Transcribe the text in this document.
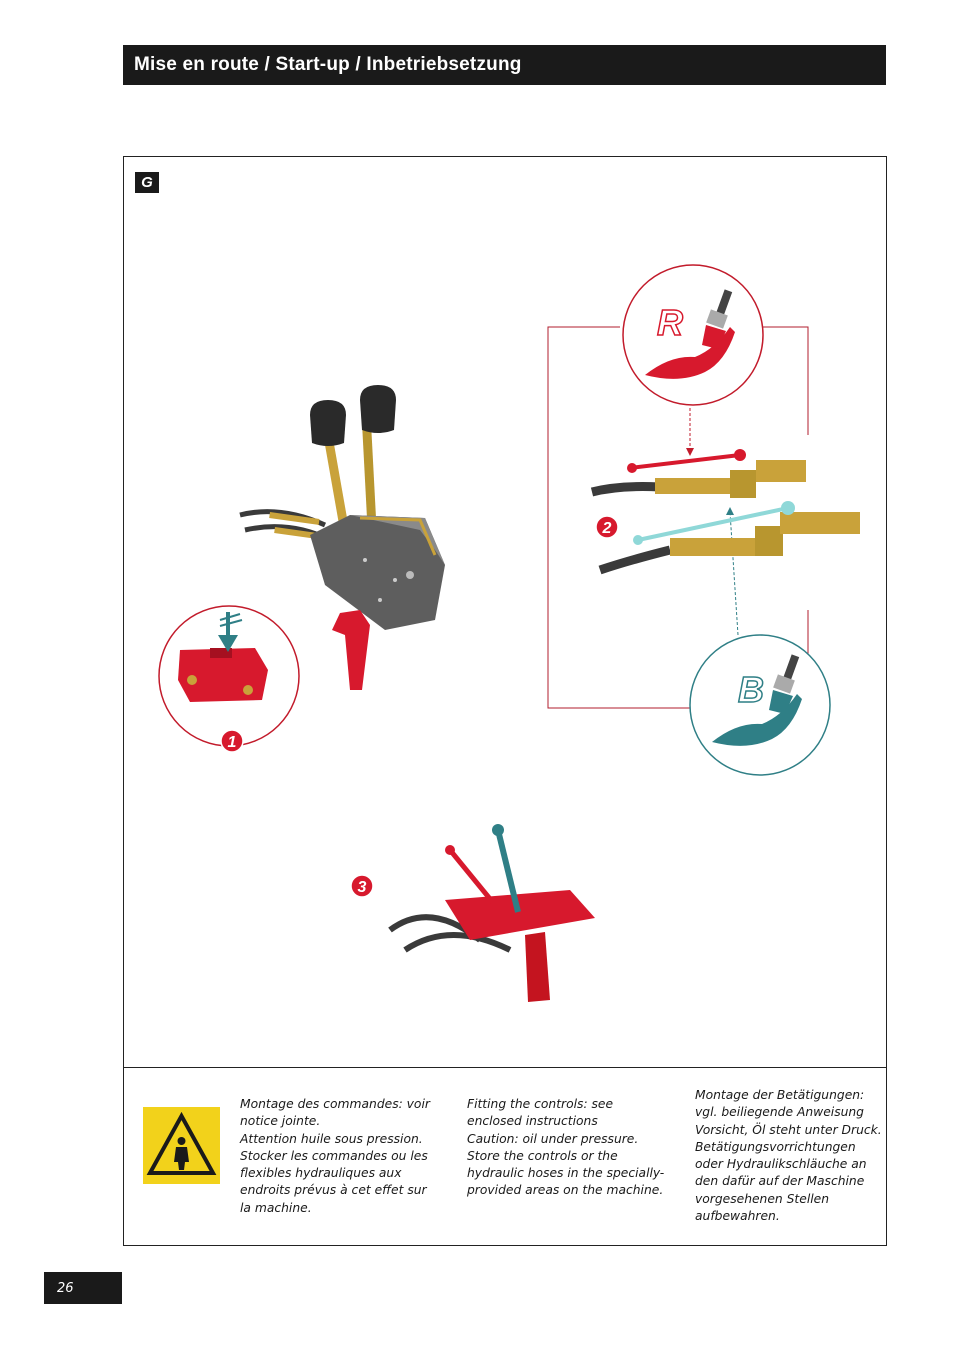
Mise en route / Start-up / Inbetriebsetzung
G
1
R
B
2
3
Montage des commandes: voir notice jointe.
Attention huile sous pression. Stocker les commandes ou les flexibles hydrauliques aux endroits prévus à cet effet sur la machine.
Fitting the controls: see enclosed instructions
Caution: oil under pressure. Store the controls or the hydraulic hoses in the specially-provided areas on the machine.
Montage der Betätigungen: vgl. beiliegende Anweisung Vorsicht, Öl steht unter Druck. Betätigungsvorrichtungen oder Hydraulikschläuche an den dafür auf der Maschine vorgesehenen Stellen aufbewahren.
26
